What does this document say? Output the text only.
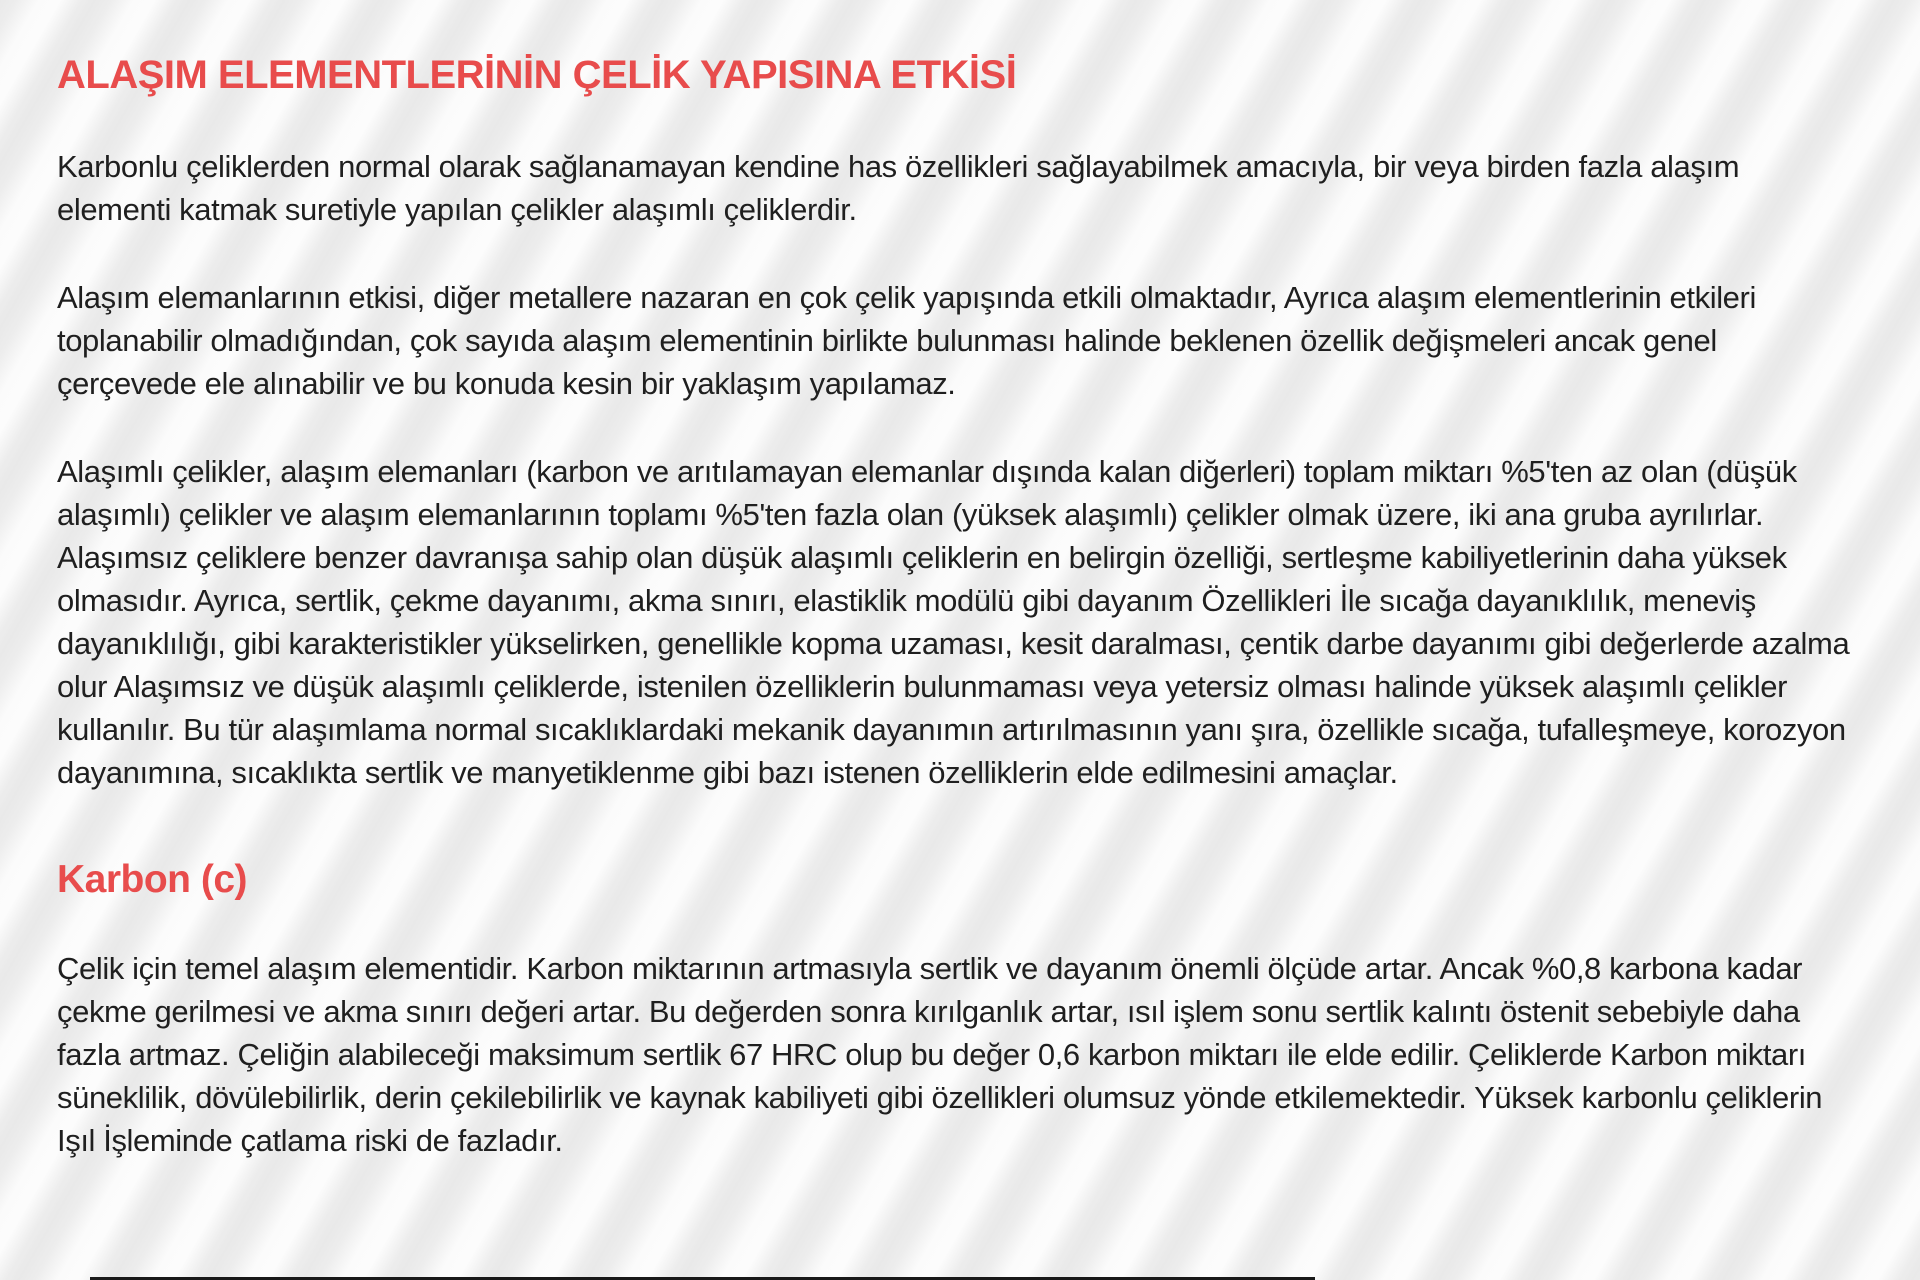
ALAŞIM ELEMENTLERİNİN ÇELİK YAPISINA ETKİSİ

Karbonlu çeliklerden normal olarak sağlanamayan kendine has özellikleri sağlayabilmek amacıyla, bir veya birden fazla alaşım elementi katmak suretiyle yapılan çelikler alaşımlı çeliklerdir.

Alaşım elemanlarının etkisi, diğer metallere nazaran en çok çelik yapışında etkili olmaktadır, Ayrıca alaşım elementlerinin etkileri toplanabilir olmadığından, çok sayıda alaşım elementinin birlikte bulunması halinde beklenen özellik değişmeleri ancak genel çerçevede ele alınabilir ve bu konuda kesin bir yaklaşım yapılamaz.

Alaşımlı çelikler, alaşım elemanları (karbon ve arıtılamayan elemanlar dışında kalan diğerleri) toplam miktarı %5'ten az olan (düşük alaşımlı) çelikler ve alaşım elemanlarının toplamı %5'ten fazla olan (yüksek alaşımlı) çelikler olmak üzere, iki ana gruba ayrılırlar. Alaşımsız çeliklere benzer davranışa sahip olan düşük alaşımlı çeliklerin en belirgin özelliği, sertleşme kabiliyetlerinin daha yüksek olmasıdır. Ayrıca, sertlik, çekme dayanımı, akma sınırı, elastiklik modülü gibi dayanım Özellikleri İle sıcağa dayanıklılık, meneviş dayanıklılığı, gibi karakteristikler yükselirken, genellikle kopma uzaması, kesit daralması, çentik darbe dayanımı gibi değerlerde azalma olur Alaşımsız ve düşük alaşımlı çeliklerde, istenilen özelliklerin bulunmaması veya yetersiz olması halinde yüksek alaşımlı çelikler kullanılır. Bu tür alaşımlama normal sıcaklıklardaki mekanik dayanımın artırılmasının yanı şıra, özellikle sıcağa, tufalleşmeye, korozyon dayanımına, sıcaklıkta sertlik ve manyetiklenme gibi bazı istenen özelliklerin elde edilmesini amaçlar.

Karbon (c)

Çelik için temel alaşım elementidir. Karbon miktarının artmasıyla sertlik ve dayanım önemli ölçüde artar. Ancak %0,8 karbona kadar çekme gerilmesi ve akma sınırı değeri artar. Bu değerden sonra kırılganlık artar, ısıl işlem sonu sertlik kalıntı östenit sebebiyle daha fazla artmaz. Çeliğin alabileceği maksimum sertlik 67 HRC olup bu değer 0,6 karbon miktarı ile elde edilir. Çeliklerde Karbon miktarı süneklilik, dövülebilirlik, derin çekilebilirlik ve kaynak kabiliyeti gibi özellikleri olumsuz yönde etkilemektedir. Yüksek karbonlu çeliklerin Işıl İşleminde çatlama riski de fazladır.
